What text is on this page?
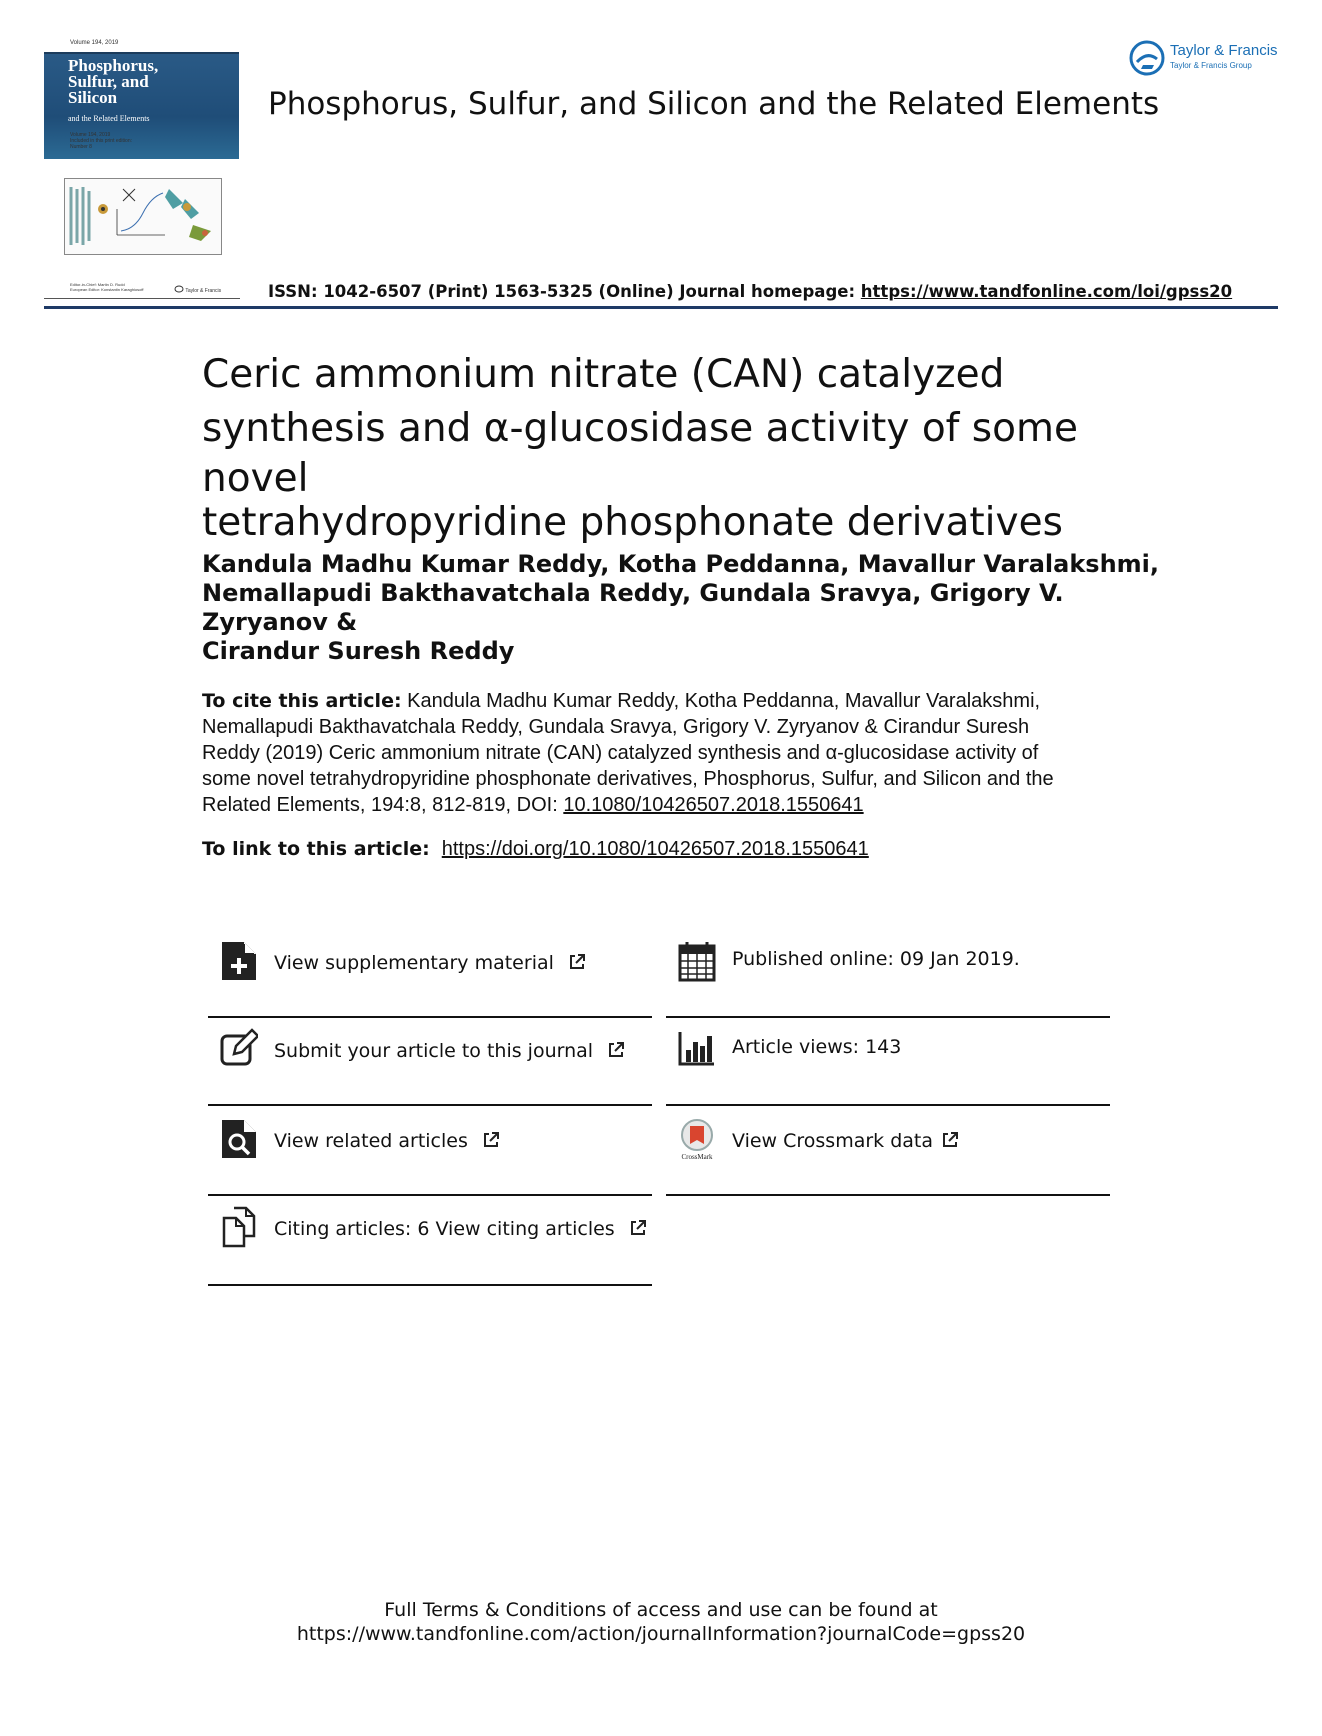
Volume 194, 2019
Phosphorus,
Sulfur, and
Silicon
and the Related Elements
Volume 194, 2019
Included in this print edition:
Number 8
Editor-in-Chief: Martin D. Rudd
European Editor: Konstantin Karaghiosoff	Taylor & Francis
Phosphorus, Sulfur, and Silicon and the Related Elements
Taylor & Francis
Taylor & Francis Group
ISSN: 1042-6507 (Print) 1563-5325 (Online) Journal homepage: https://www.tandfonline.com/loi/gpss20
Ceric ammonium nitrate (CAN) catalyzed
synthesis and α-glucosidase activity of some novel
tetrahydropyridine phosphonate derivatives
Kandula Madhu Kumar Reddy, Kotha Peddanna, Mavallur Varalakshmi,
Nemallapudi Bakthavatchala Reddy, Gundala Sravya, Grigory V. Zyryanov &
Cirandur Suresh Reddy
To cite this article: Kandula Madhu Kumar Reddy, Kotha Peddanna, Mavallur Varalakshmi,
Nemallapudi Bakthavatchala Reddy, Gundala Sravya, Grigory V. Zyryanov & Cirandur Suresh
Reddy (2019) Ceric ammonium nitrate (CAN) catalyzed synthesis and α-glucosidase activity of
some novel tetrahydropyridine phosphonate derivatives, Phosphorus, Sulfur, and Silicon and the
Related Elements, 194:8, 812-819, DOI: 10.1080/10426507.2018.1550641
To link to this article: https://doi.org/10.1080/10426507.2018.1550641
View supplementary material
Submit your article to this journal
View related articles
Citing articles: 6 View citing articles
Published online: 09 Jan 2019.
Article views: 143
CrossMark
View Crossmark data
Full Terms & Conditions of access and use can be found at
https://www.tandfonline.com/action/journalInformation?journalCode=gpss20
